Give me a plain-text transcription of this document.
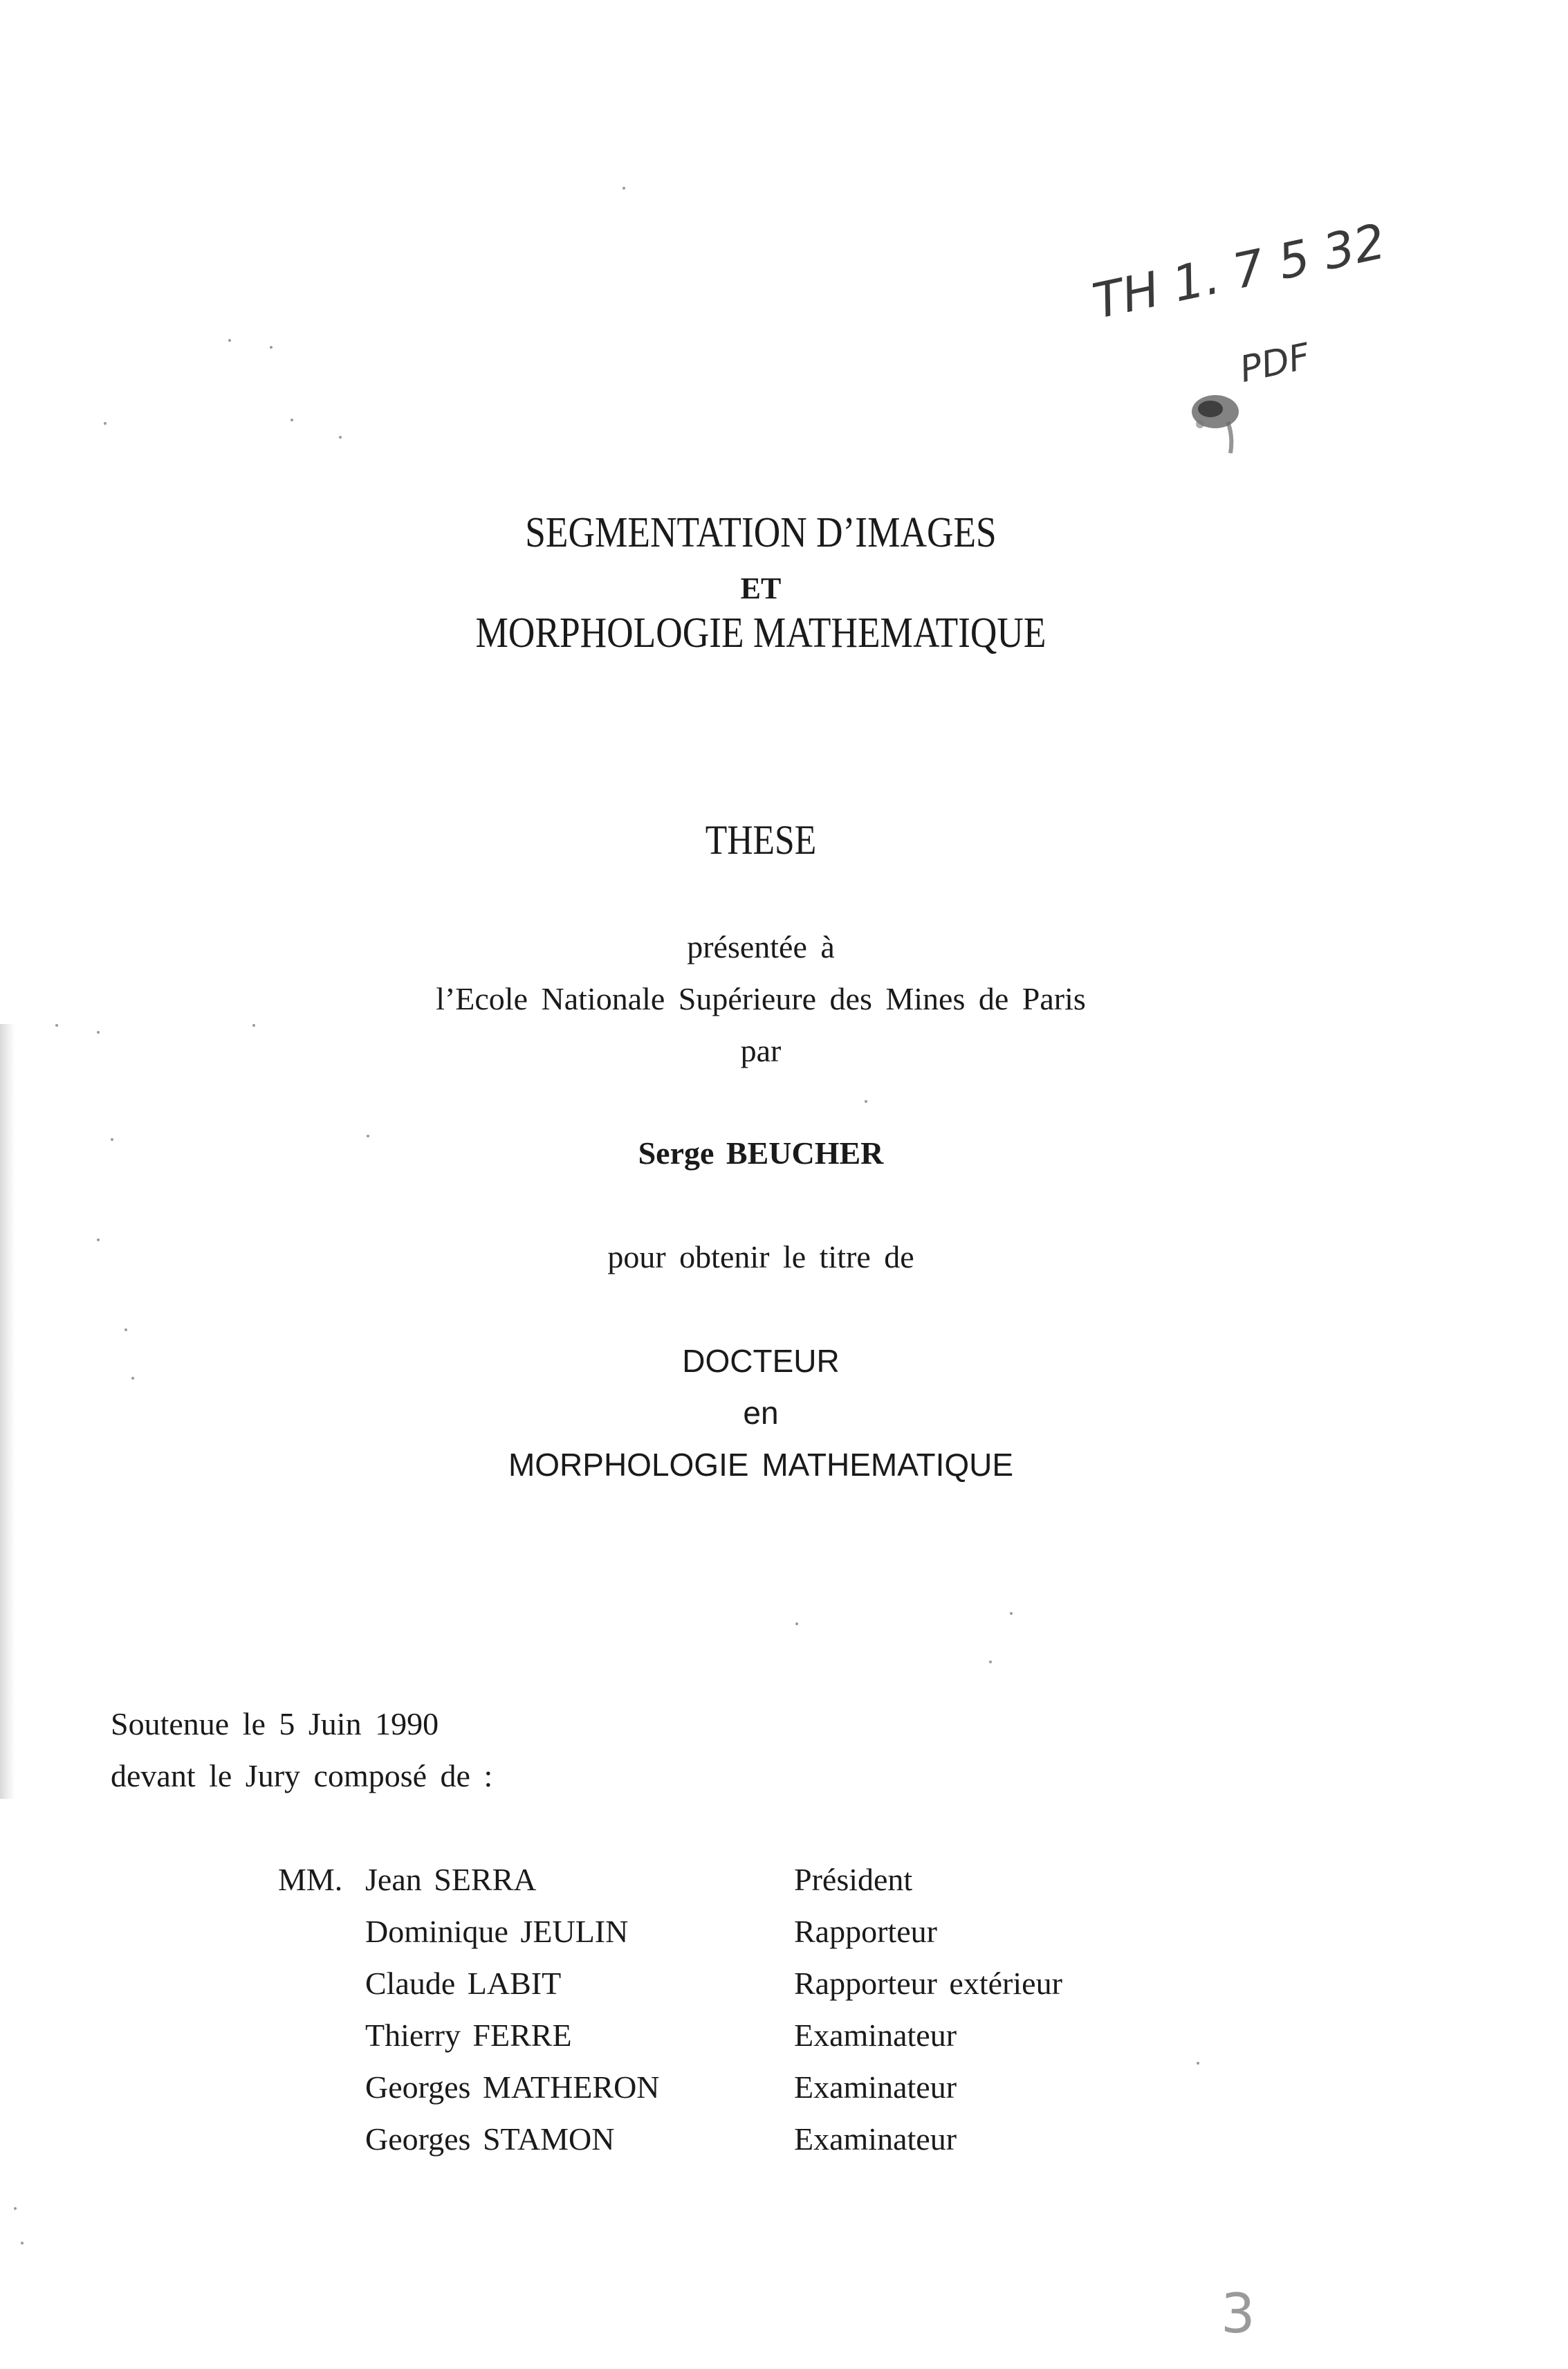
TH 1. 7 5 32
PDF
SEGMENTATION D’IMAGES
ET
MORPHOLOGIE MATHEMATIQUE
THESE
présentée à
l’Ecole Nationale Supérieure des Mines de Paris
par
Serge BEUCHER
pour obtenir le titre de
DOCTEUR
en
MORPHOLOGIE MATHEMATIQUE
Soutenue le 5 Juin 1990
devant le Jury composé de :
MM. Jean SERRA	Président
Dominique JEULIN	Rapporteur
Claude LABIT	Rapporteur extérieur
Thierry FERRE	Examinateur
Georges MATHERON	Examinateur
Georges STAMON	Examinateur
3
